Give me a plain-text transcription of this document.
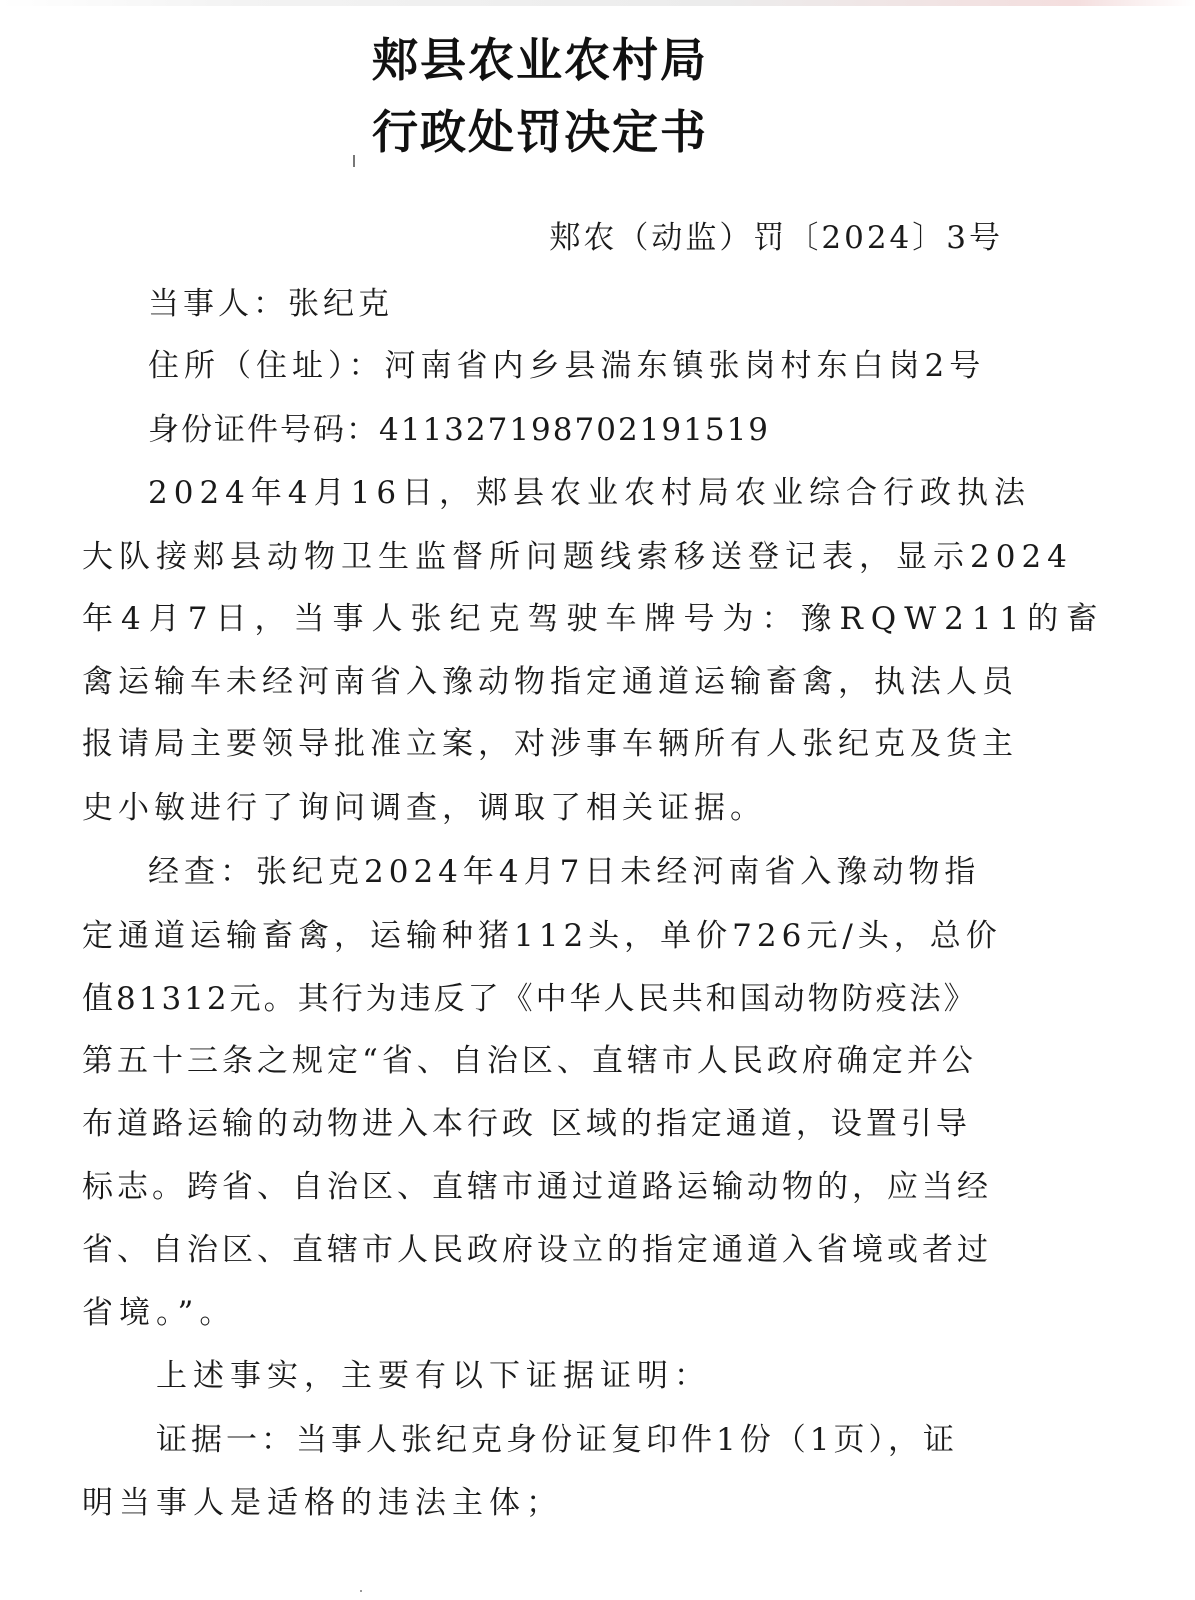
郏县农业农村局
行政处罚决定书
郏农（动监）罚〔2024〕3号
当事人：张纪克
住所（住址）：河南省内乡县湍东镇张岗村东白岗2号
身份证件号码：411327198702191519
2024年4月16日，郏县农业农村局农业综合行政执法
大队接郏县动物卫生监督所问题线索移送登记表，显示2024
年4月7日，当事人张纪克驾驶车牌号为：豫RQW211的畜
禽运输车未经河南省入豫动物指定通道运输畜禽，执法人员
报请局主要领导批准立案，对涉事车辆所有人张纪克及货主
史小敏进行了询问调查，调取了相关证据。
经查：张纪克2024年4月7日未经河南省入豫动物指
定通道运输畜禽，运输种猪112头，单价726元/头，总价
值81312元。其行为违反了《中华人民共和国动物防疫法》
第五十三条之规定“省、自治区、直辖市人民政府确定并公
布道路运输的动物进入本行政 区域的指定通道，设置引导
标志。跨省、自治区、直辖市通过道路运输动物的，应当经
省、自治区、直辖市人民政府设立的指定通道入省境或者过
省境。”。
上述事实，主要有以下证据证明：
证据一：当事人张纪克身份证复印件1份（1页），证
明当事人是适格的违法主体；
